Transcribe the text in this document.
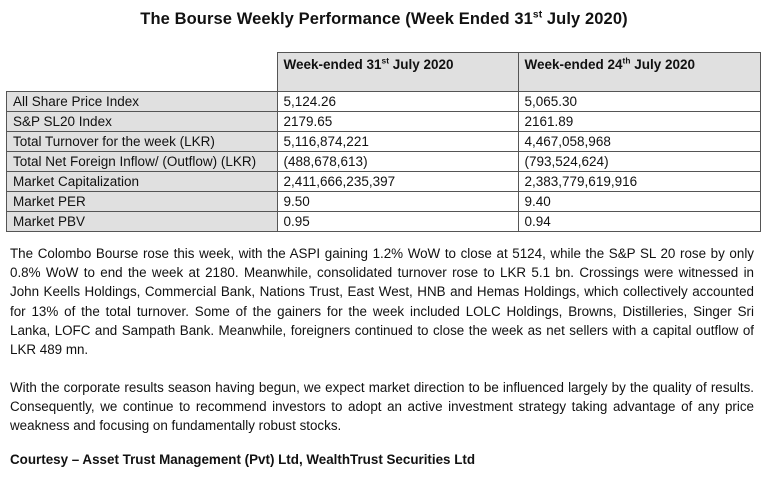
The Bourse Weekly Performance (Week Ended 31st July 2020)
	Week-ended 31st July 2020	Week-ended 24th July 2020
All Share Price Index	5,124.26	5,065.30
S&P SL20 Index	2179.65	2161.89
Total Turnover for the week (LKR)	5,116,874,221	4,467,058,968
Total Net Foreign Inflow/ (Outflow) (LKR)	(488,678,613)	(793,524,624)
Market Capitalization	2,411,666,235,397	2,383,779,619,916
Market PER	9.50	9.40
Market PBV	0.95	0.94
The Colombo Bourse rose this week, with the ASPI gaining 1.2% WoW to close at 5124, while the S&P SL 20 rose by only 0.8% WoW to end the week at 2180. Meanwhile, consolidated turnover rose to LKR 5.1 bn. Crossings were witnessed in John Keells Holdings, Commercial Bank, Nations Trust, East West, HNB and Hemas Holdings, which collectively accounted for 13% of the total turnover. Some of the gainers for the week included LOLC Holdings, Browns, Distilleries, Singer Sri Lanka, LOFC and Sampath Bank. Meanwhile, foreigners continued to close the week as net sellers with a capital outflow of LKR 489 mn.
With the corporate results season having begun, we expect market direction to be influenced largely by the quality of results. Consequently, we continue to recommend investors to adopt an active investment strategy taking advantage of any price weakness and focusing on fundamentally robust stocks.
Courtesy – Asset Trust Management (Pvt) Ltd, WealthTrust Securities Ltd
